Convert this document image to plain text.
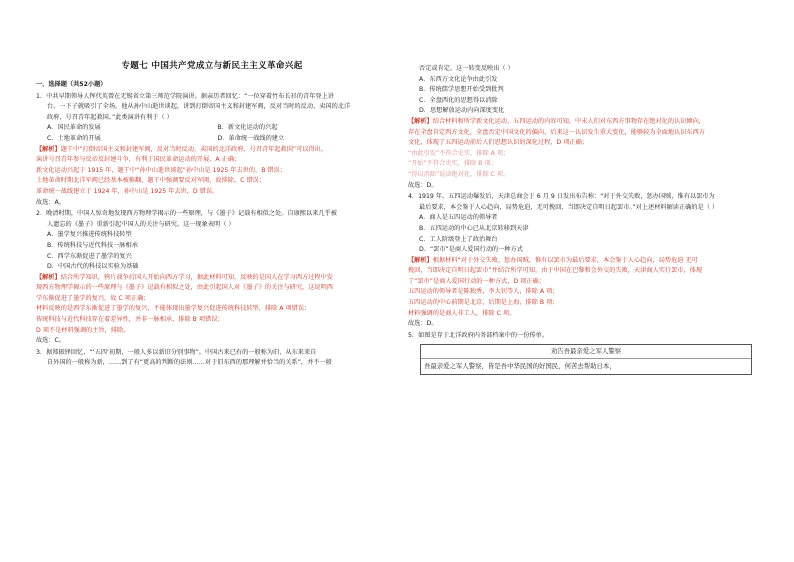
专题七 中国共产党成立与新民主主义革命兴起
一、选择题（共52小题）
1．中共早期领导人恽代英曾在无锡省立第三师范学院演讲。据亲历者回忆：“一位穿着竹布长衫的青年登上讲
台，一下子就吸引了全场。他从孙中山逝世谈起，讲到打倒帝国主义和封建军阀，反对当时的反动、卖国的北洋
政府，号召青年起救国。”此类演讲有利于（ ）
A．国民革命的发展	B．新文化运动的兴起
C．土地革命的开展	D．革命统一战线的建立
【解析】题干中“打倒帝国主义和封建军阀，反对当时反动、卖国的北洋政府，号召青年起救国”可以得出，
演讲号召青年参与反帝反封建斗争，有利于国民革命运动的开展，A 正确；
新文化运动兴起于 1915 年，题干中“孙中山逝世谈起”孙中山是 1925 年去世的，B 错误；
土地革命时期北洋军阀已经基本被推翻，题干中强调要反对军阀，故排除，C 错误；
革命统一战线建立于 1924 年，孙中山是 1925 年去世，D 错误。
故选：A。
2．晚清时期，中国人惊奇地发现西方物理学揭示的一些原理，与《墨子》记载有相似之处。自康熙以来几乎被
人遗忘的《墨子》重新引起中国人的关注与研究。这一现象表明（ ）
A．墨学复兴推进传统科技转型
B．传统科技与近代科技一脉相承
C．西学东渐促进了墨学的复兴
D．中国古代的科技以实验为基础
【解析】结合所学知识，鸦片战争后国人开始向西方学习，据此材料可知，反映的是国人在学习西方过程中发
现西方物理学揭示的一些原理与《墨子》记载有相似之处，由此引起国人对《墨子》的关注与研究，这说明西
学东渐促进了墨学的复兴，故 C 项正确；
材料反映的是西学东渐促进了墨学的复兴，不能体现出墨学复兴促进传统科技转型，排除 A 项错误；
传统科技与近代科技存在着差异性，并非一脉相承，排除 B 项错误；
D 项不是材料强调的主旨，排除。
故选：C。
3．据郑振铎回忆，“‘五四’初期，一般人多以新旧分别事物”。中国古来已有的一般称为旧，从东来来自
自外国的一般称为新，……到了有“更高的判断的法则……对于旧东西的那理解并恰当的关系”，并不一般
否定或肯定。这一转变反映出（ ）
A．东西方文化论争由此引发
B．传统儒学思想开始受到批判
C．全盘西化的思想得以消除
D．思想解放运动内向深度变化
【解析】结合材料和所学新文化运动、五四运动的内容可知，中末人们对东西方事物存在绝对化的认识倾向，
存在全盘肯定西方文化，全盘否定中国文化的偏向，后来这一认识发生重大变化，能够较为全面地认识东西方
文化，体现了五四运动前后人们思想认识的深化过程，D 项正确；
“由此引发”不符合史实，排除 A 项；
“开始”不符合史实，排除 B 项；
“得以消除”说法绝对化，排除 C 项。
故选：D。
4．1919 年，五四运动爆发后，天津总商会于 6 月 9 日发出布告称：“对于外交失败，惩办国贼，惟有以罢市为
最后要求，本会鉴于人心趋向，局势危迫，无可挽回，当即决定自明日起罢市。”对上述材料解读正确的是（ ）
A．商人是五四运动的领导者
B．五四运动的中心已从北京转移到天津
C．工人阶级登上了政治舞台
D．“罢市”是商人爱国行动的一种方式
【解析】根据材料“对于外交失败，惩办国贼，惟有以罢市为最后要求，本会鉴于人心趋向，局势危迫 无可
挽回，当即决定自明日起罢市”并结合所学可知，由于中国在巴黎和会外交的失败，天津商人实行罢市，体现
了“罢市”是商人爱国行动的一种方式，D 项正确；
五四运动的领导者是陈独秀、李大钊等人，排除 A 项；
五四运动的中心前期是北京，后期是上海，排除 B 项；
材料强调的是商人非工人，排除 C 项。
故选：D。
5．如图是存于北洋政府内务部档案中的一份传单。
劝告吾最亲爱之军人警察
吾最亲爱之军人警察，皆是吾中华民国的好国民，何苦去帮助日本，
